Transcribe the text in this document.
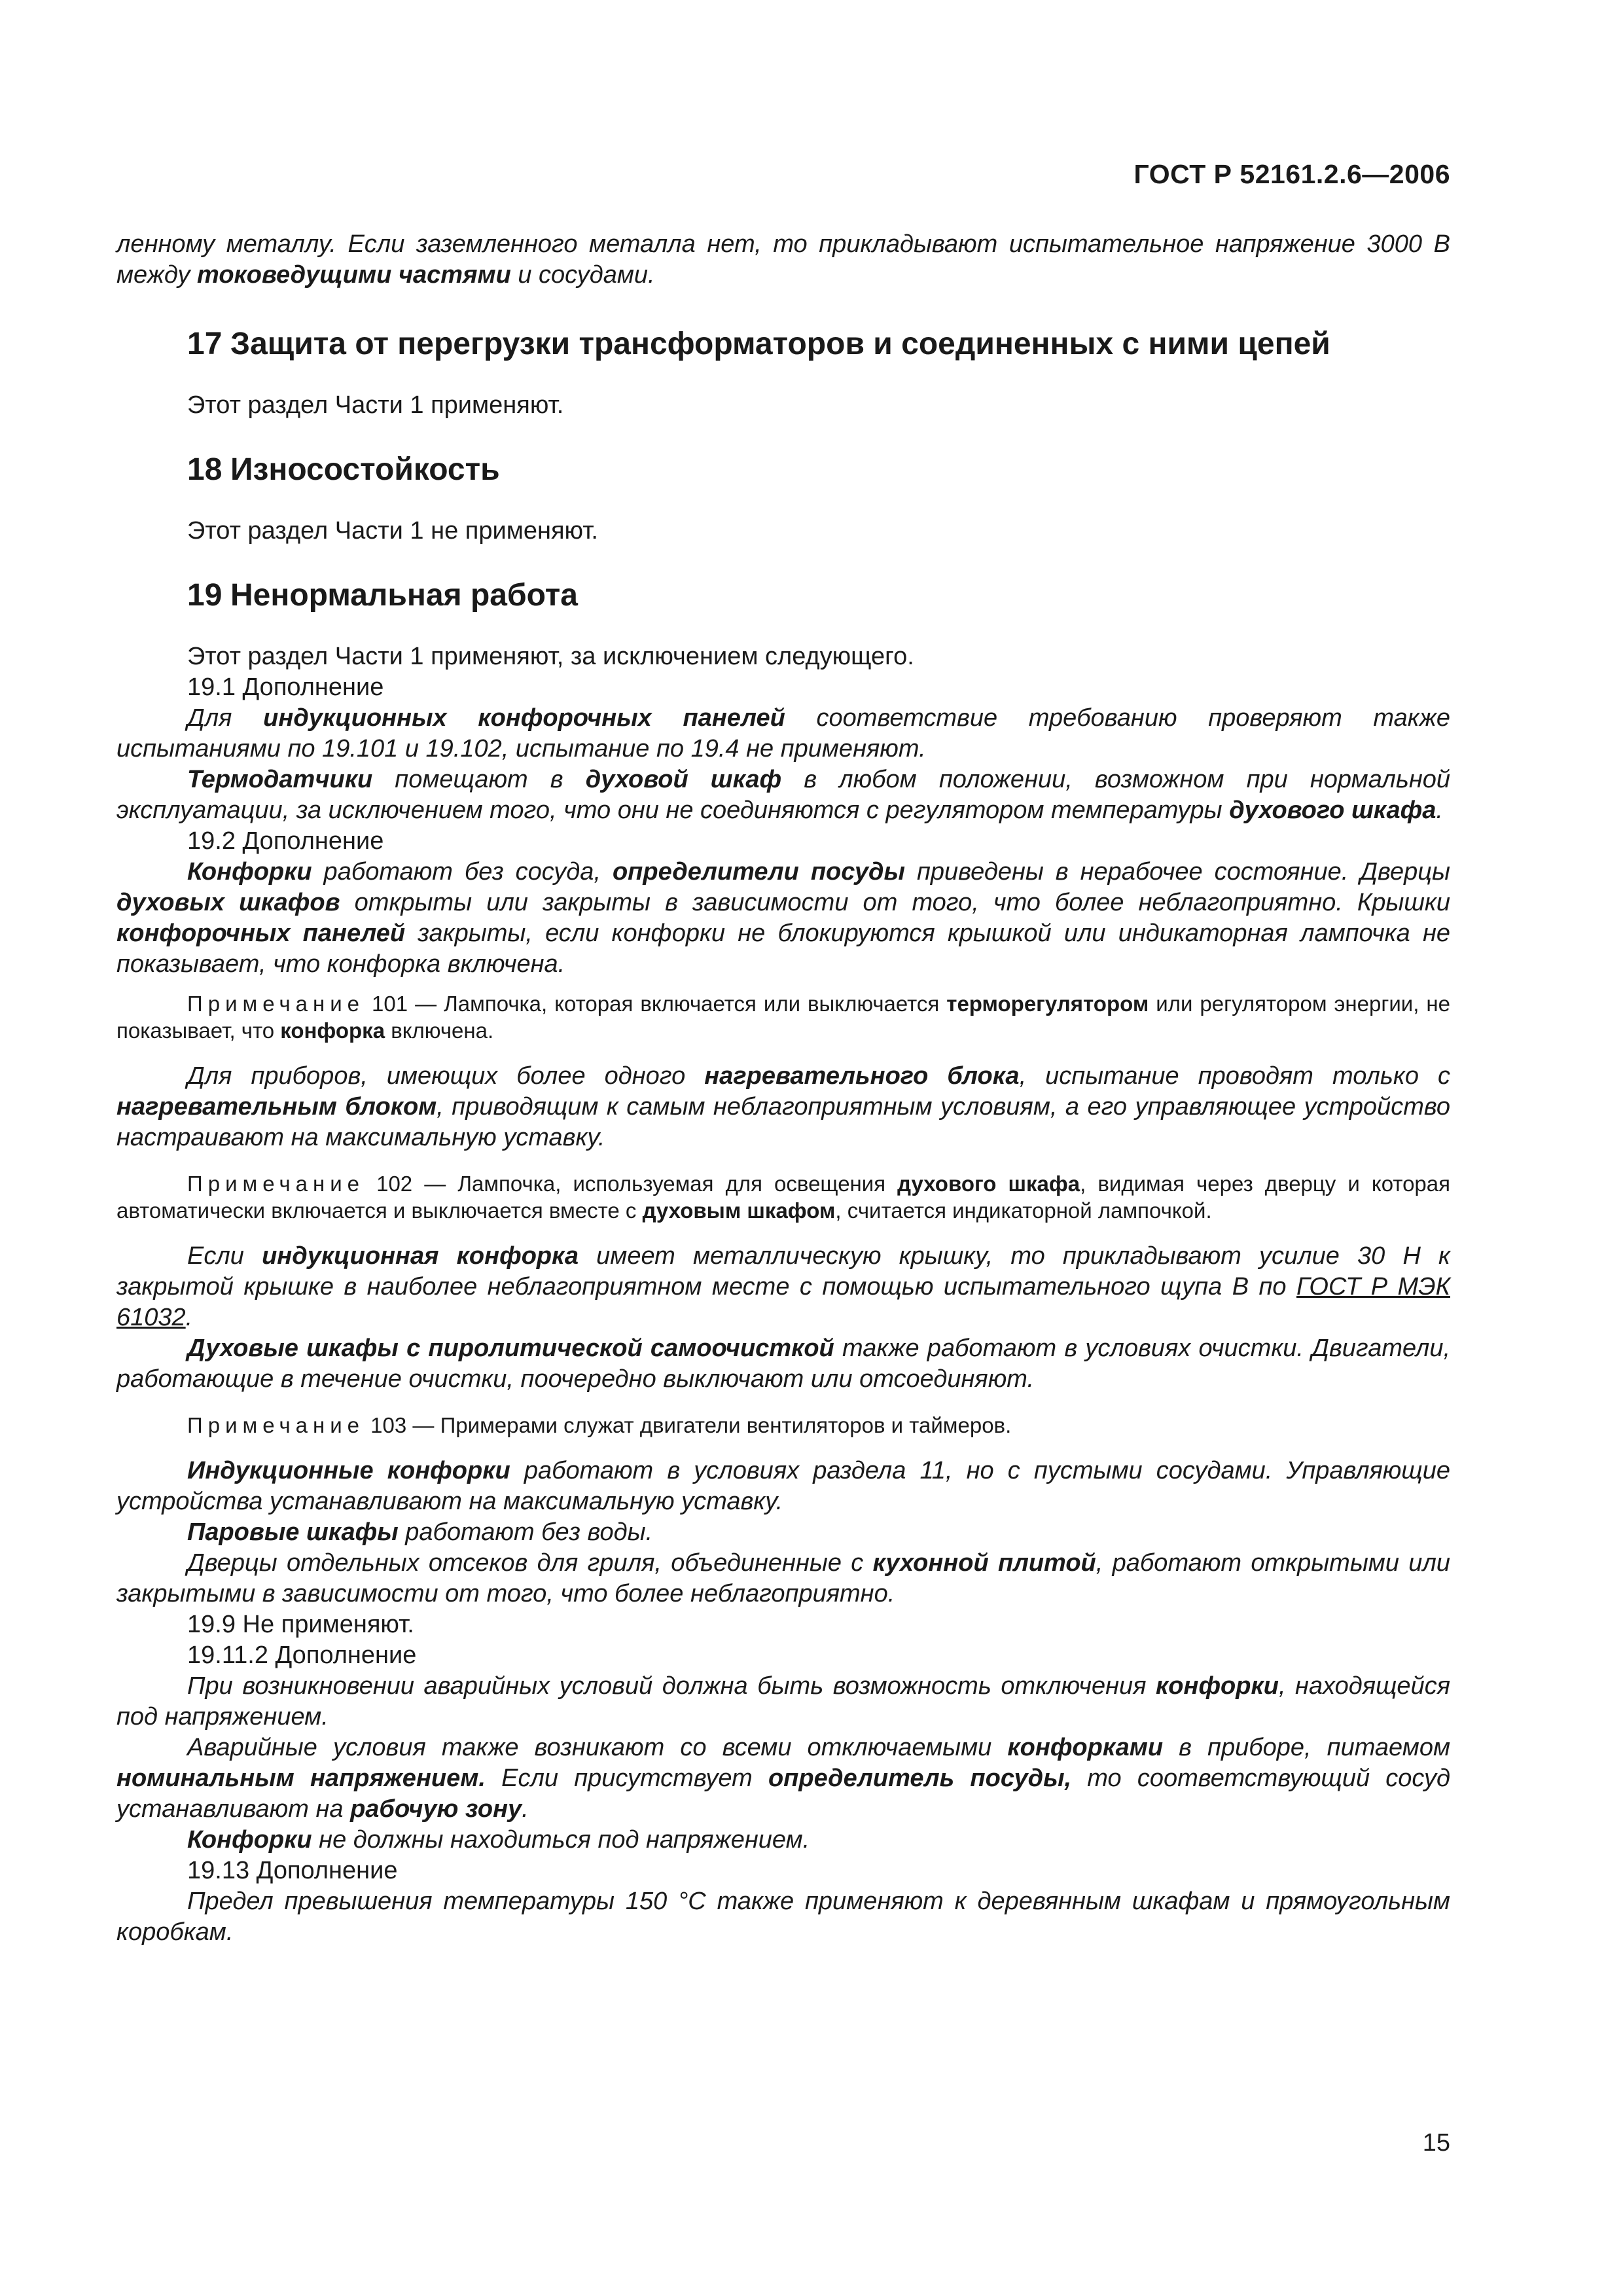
ГОСТ Р 52161.2.6—2006

ленному металлу. Если заземленного металла нет, то прикладывают испытательное напряжение 3000 В между токоведущими частями и сосудами.

17 Защита от перегрузки трансформаторов и соединенных с ними цепей

Этот раздел Части 1 применяют.

18 Износостойкость

Этот раздел Части 1 не применяют.

19 Ненормальная работа

Этот раздел Части 1 применяют, за исключением следующего.

19.1 Дополнение

Для индукционных конфорочных панелей соответствие требованию проверяют также испытаниями по 19.101 и 19.102, испытание по 19.4 не применяют.

Термодатчики помещают в духовой шкаф в любом положении, возможном при нормальной эксплуатации, за исключением того, что они не соединяются с регулятором температуры духового шкафа.

19.2 Дополнение

Конфорки работают без сосуда, определители посуды приведены в нерабочее состояние. Дверцы духовых шкафов открыты или закрыты в зависимости от того, что более неблагоприятно. Крышки конфорочных панелей закрыты, если конфорки не блокируются крышкой или индикаторная лампочка не показывает, что конфорка включена.

Примечание 101 — Лампочка, которая включается или выключается терморегулятором или регулятором энергии, не показывает, что конфорка включена.

Для приборов, имеющих более одного нагревательного блока, испытание проводят только с нагревательным блоком, приводящим к самым неблагоприятным условиям, а его управляющее устройство настраивают на максимальную уставку.

Примечание 102 — Лампочка, используемая для освещения духового шкафа, видимая через дверцу и которая автоматически включается и выключается вместе с духовым шкафом, считается индикаторной лампочкой.

Если индукционная конфорка имеет металлическую крышку, то прикладывают усилие 30 Н к закрытой крышке в наиболее неблагоприятном месте с помощью испытательного щупа В по ГОСТ Р МЭК 61032.

Духовые шкафы с пиролитической самоочисткой также работают в условиях очистки. Двигатели, работающие в течение очистки, поочередно выключают или отсоединяют.

Примечание 103 — Примерами служат двигатели вентиляторов и таймеров.

Индукционные конфорки работают в условиях раздела 11, но с пустыми сосудами. Управляющие устройства устанавливают на максимальную уставку.

Паровые шкафы работают без воды.

Дверцы отдельных отсеков для гриля, объединенные с кухонной плитой, работают открытыми или закрытыми в зависимости от того, что более неблагоприятно.

19.9 Не применяют.

19.11.2 Дополнение

При возникновении аварийных условий должна быть возможность отключения конфорки, находящейся под напряжением.

Аварийные условия также возникают со всеми отключаемыми конфорками в приборе, питаемом номинальным напряжением. Если присутствует определитель посуды, то соответствующий сосуд устанавливают на рабочую зону.

Конфорки не должны находиться под напряжением.

19.13 Дополнение

Предел превышения температуры 150 °С также применяют к деревянным шкафам и прямоугольным коробкам.

15
